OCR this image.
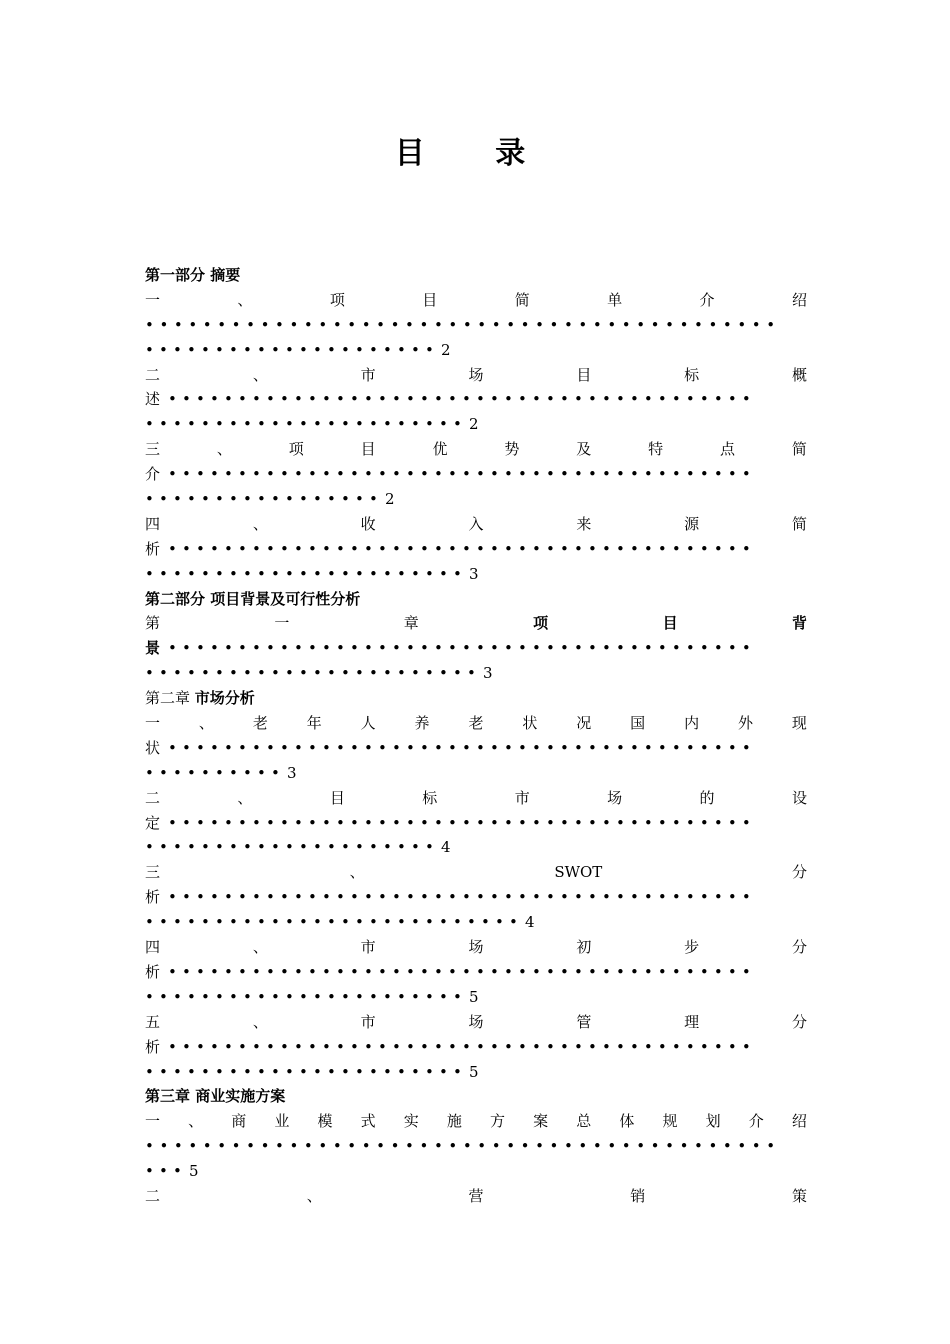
目 录
第一部分 摘要
一	、	项	目	简	单	介	绍
••••••••••••••••••••••••••••••••••••••••••••
••••••••••••••••••••• 2
二	、	市	场	目	标	概
述 ••••••••••••••••••••••••••••••••••••••••••
••••••••••••••••••••••• 2
三	、	项	目	优	势	及	特	点	简
介 ••••••••••••••••••••••••••••••••••••••••••
••••••••••••••••• 2
四	、	收	入	来	源	简
析 ••••••••••••••••••••••••••••••••••••••••••
••••••••••••••••••••••• 3
第二部分 项目背景及可行性分析
第	一	章	项	目	背
景 ••••••••••••••••••••••••••••••••••••••••••
•••••••••••••••••••••••• 3
第二章 市场分析
一	、	老	年	人	养	老	状	况	国	内	外	现
状 ••••••••••••••••••••••••••••••••••••••••••
•••••••••• 3
二	、	目	标	市	场	的	设
定 ••••••••••••••••••••••••••••••••••••••••••
••••••••••••••••••••• 4
三	、	SWOT	分
析 ••••••••••••••••••••••••••••••••••••••••••
••••••••••••••••••••••••••• 4
四	、	市	场	初	步	分
析 ••••••••••••••••••••••••••••••••••••••••••
••••••••••••••••••••••• 5
五	、	市	场	管	理	分
析 ••••••••••••••••••••••••••••••••••••••••••
••••••••••••••••••••••• 5
第三章 商业实施方案
一 、 商 业 模 式 实 施 方 案 总 体 规 划 介 绍
••••••••••••••••••••••••••••••••••••••••••••
••• 5
二	、	营	销	策
